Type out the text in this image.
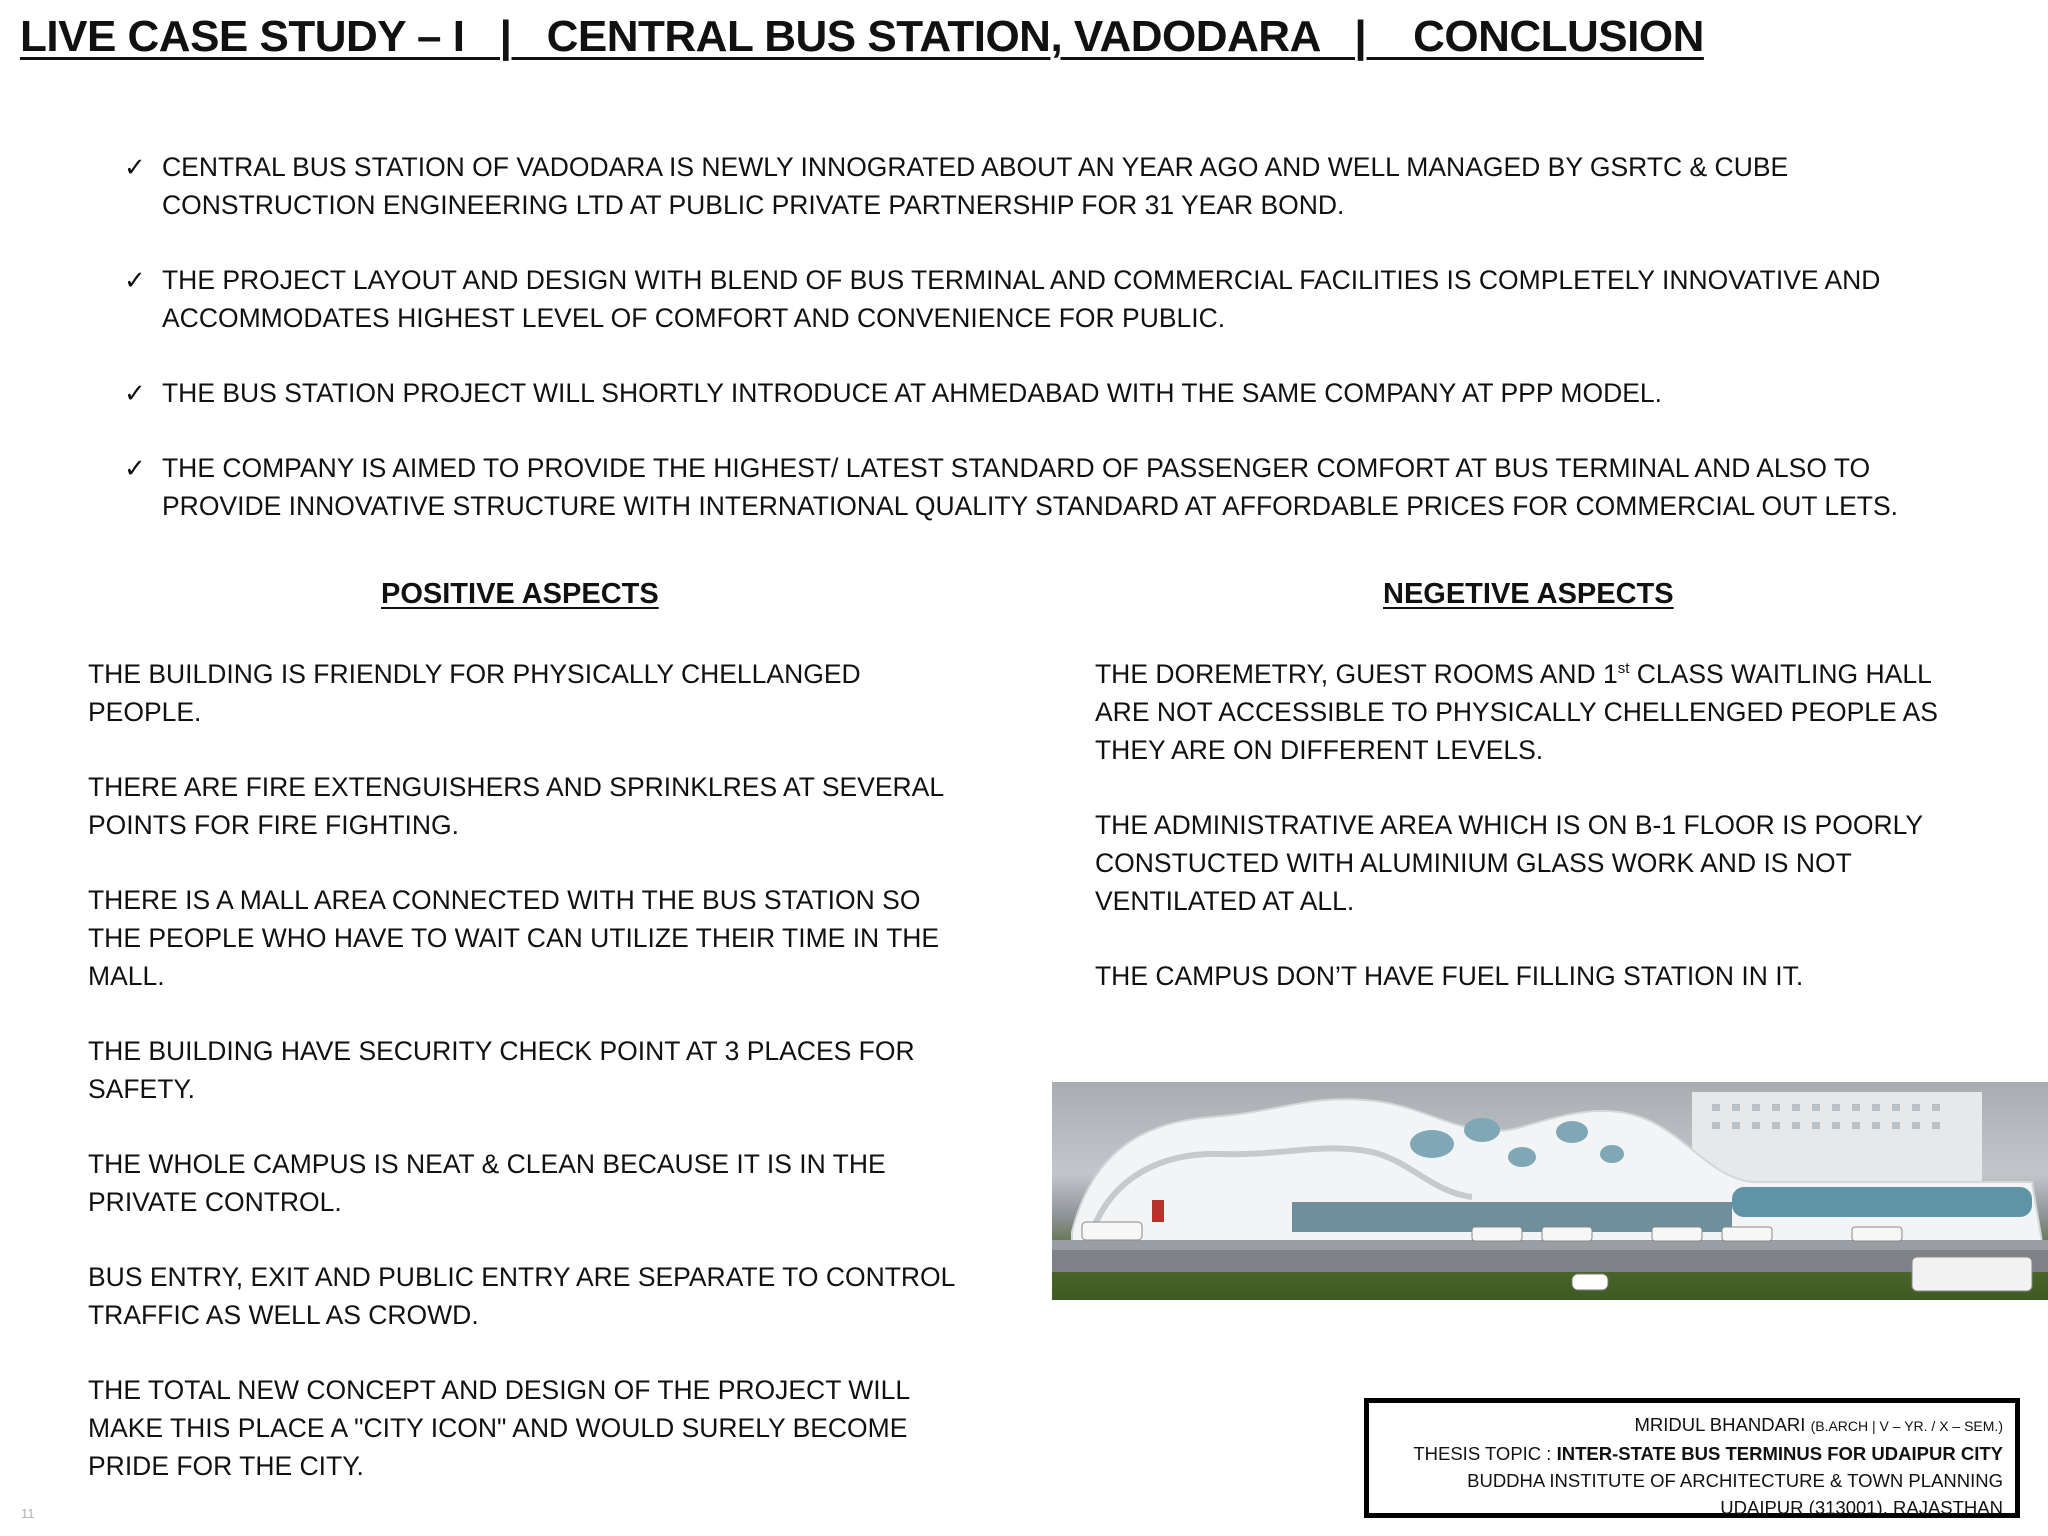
LIVE CASE STUDY – I   |   CENTRAL BUS STATION, VADODARA   |    CONCLUSION
✓ CENTRAL BUS STATION OF VADODARA IS NEWLY INNOGRATED ABOUT AN YEAR AGO AND WELL MANAGED BY GSRTC & CUBE CONSTRUCTION ENGINEERING LTD AT PUBLIC PRIVATE PARTNERSHIP FOR 31 YEAR BOND.
✓ THE PROJECT LAYOUT AND DESIGN WITH BLEND OF BUS TERMINAL AND COMMERCIAL FACILITIES IS COMPLETELY INNOVATIVE AND ACCOMMODATES HIGHEST LEVEL OF COMFORT AND CONVENIENCE FOR PUBLIC.
✓ THE BUS STATION PROJECT WILL SHORTLY INTRODUCE AT AHMEDABAD WITH THE SAME COMPANY AT PPP MODEL.
✓ THE COMPANY IS AIMED TO PROVIDE THE HIGHEST/ LATEST STANDARD OF PASSENGER COMFORT AT BUS TERMINAL AND ALSO TO PROVIDE INNOVATIVE STRUCTURE WITH INTERNATIONAL QUALITY STANDARD AT AFFORDABLE PRICES FOR COMMERCIAL OUT LETS.
POSITIVE ASPECTS	NEGETIVE ASPECTS

THE BUILDING IS FRIENDLY FOR PHYSICALLY CHELLANGED PEOPLE.

THERE ARE FIRE EXTENGUISHERS AND SPRINKLRES AT SEVERAL POINTS FOR FIRE FIGHTING.

THERE IS A MALL AREA CONNECTED WITH THE BUS STATION SO THE PEOPLE WHO HAVE TO WAIT CAN UTILIZE THEIR TIME IN THE MALL.

THE BUILDING HAVE SECURITY CHECK POINT AT 3 PLACES FOR SAFETY.

THE WHOLE CAMPUS IS NEAT & CLEAN BECAUSE IT IS IN THE PRIVATE CONTROL.

BUS ENTRY, EXIT AND PUBLIC ENTRY ARE SEPARATE TO CONTROL TRAFFIC AS WELL AS CROWD.

THE TOTAL NEW CONCEPT AND DESIGN OF THE PROJECT WILL MAKE THIS PLACE A "CITY ICON" AND WOULD SURELY BECOME PRIDE FOR THE CITY.

THE DOREMETRY, GUEST ROOMS AND 1st CLASS WAITLING HALL ARE NOT ACCESSIBLE TO PHYSICALLY CHELLENGED PEOPLE AS THEY ARE ON DIFFERENT LEVELS.

THE ADMINISTRATIVE AREA WHICH IS ON B-1 FLOOR IS POORLY CONSTUCTED WITH ALUMINIUM GLASS WORK AND IS NOT VENTILATED AT ALL.

THE CAMPUS DON’T HAVE FUEL FILLING STATION IN IT.

MRIDUL BHANDARI (B.ARCH | V – YR. / X – SEM.)
THESIS TOPIC : INTER-STATE BUS TERMINUS FOR UDAIPUR CITY
BUDDHA INSTITUTE OF ARCHITECTURE & TOWN PLANNING
UDAIPUR (313001), RAJASTHAN
11
